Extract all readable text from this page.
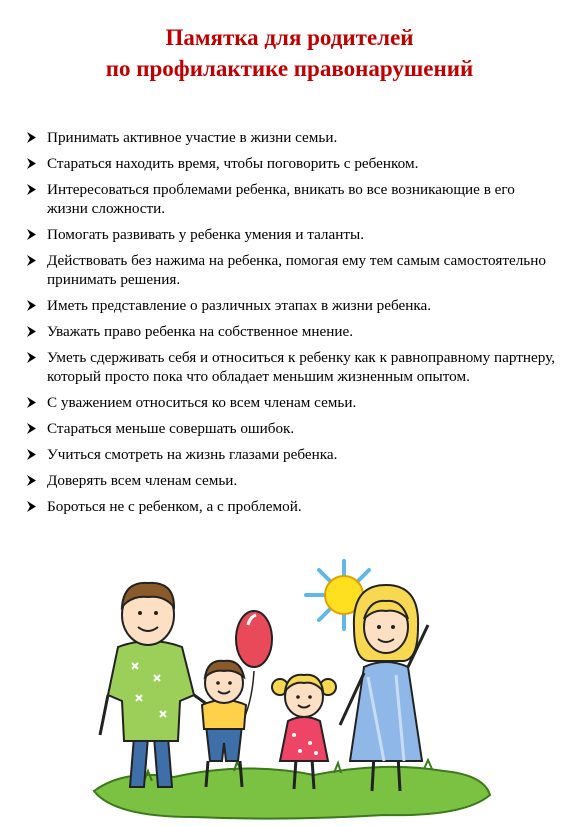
Памятка для родителей
по профилактике правонарушений
Принимать активное участие в жизни семьи.
Стараться находить время, чтобы поговорить с ребенком.
Интересоваться проблемами ребенка, вникать во все возникающие в его жизни сложности.
Помогать развивать у ребенка умения и таланты.
Действовать без нажима на ребенка, помогая ему тем самым самостоятельно принимать решения.
Иметь представление о различных этапах в жизни ребенка.
Уважать право ребенка на собственное мнение.
Уметь сдерживать себя и относиться к ребенку как к равноправному партнеру, который просто пока что обладает меньшим жизненным опытом.
С уважением относиться ко всем членам семьи.
Стараться меньше совершать ошибок.
Учиться смотреть на жизнь глазами ребенка.
Доверять всем членам семьи.
Бороться не с ребенком, а с проблемой.
